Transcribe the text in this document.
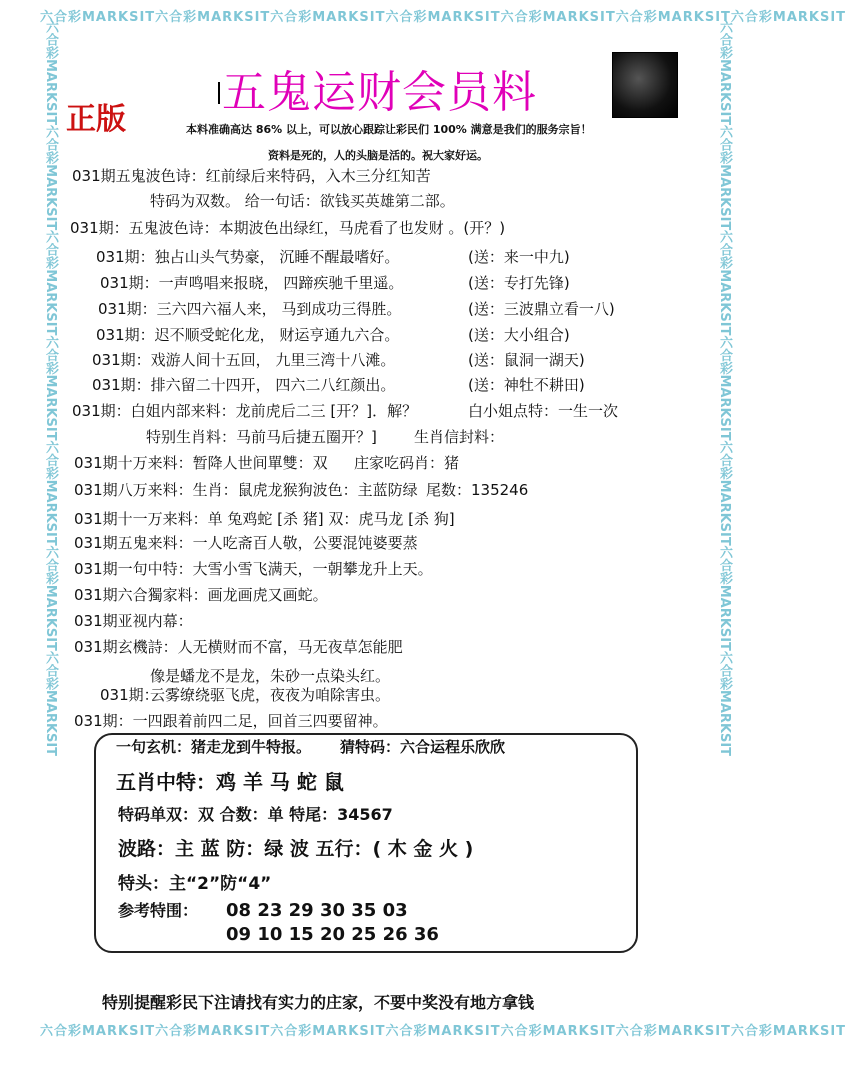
六合彩MARKSIT六合彩MARKSIT六合彩MARKSIT六合彩MARKSIT六合彩MARKSIT六合彩MARKSIT六合彩MARKSIT
六合彩MARKSIT六合彩MARKSIT六合彩MARKSIT六合彩MARKSIT六合彩MARKSIT六合彩MARKSIT六合彩MARKSIT
六合彩MARKSIT六合彩MARKSIT六合彩MARKSIT六合彩MARKSIT六合彩MARKSIT六合彩MARKSIT六合彩MARKSIT	六合彩MARKSIT六合彩MARKSIT六合彩MARKSIT六合彩MARKSIT六合彩MARKSIT六合彩MARKSIT六合彩MARKSIT
五鬼运财会员料
正版	本料准确高达 86% 以上，可以放心跟踪让彩民们 100% 满意是我们的服务宗旨！
资料是死的，人的头脑是活的。祝大家好运。
031期五鬼波色诗：红前绿后来特码，入木三分红知苦
特码为双数。 给一句话：欲钱买英雄第二部。
031期：五鬼波色诗：本期波色出绿红，马虎看了也发财 。(开？)
031期：独占山头气势豪， 沉睡不醒最嗜好。	(送：来一中九)
031期：一声鸣唱来报晓， 四蹄疾驰千里遥。	(送：专打先锋)
031期：三六四六福人来， 马到成功三得胜。	(送：三波鼎立看一八)
031期：迟不顺受蛇化龙， 财运亨通九六合。	(送：大小组合)
031期：戏游人间十五回， 九里三湾十八滩。	(送：鼠洞一湖天)
031期：排六留二十四开， 四六二八红颜出。	(送：神牡不耕田)
031期：白姐内部来料：龙前虎后二三 [开？]．解？	白小姐点特：一生一次
特别生肖料：马前马后捷五圈开？] 生肖信封料：
031期十万来料：暂降人世间單雙：双 庄家吃码肖：猪
031期八万来料：生肖：鼠虎龙猴狗波色：主蓝防绿 尾数：135246
031期十一万来料：单 兔鸡蛇 [杀 猪] 双：虎马龙 [杀 狗]
031期五鬼来料：一人吃斋百人敬，公要混饨婆要蒸
031期一句中特：大雪小雪飞满天，一朝攀龙升上天。
031期六合獨家料：画龙画虎又画蛇。
031期亚视内幕：
031期玄機詩：人无横财而不富，马无夜草怎能肥
像是蟠龙不是龙，朱砂一点染头红。
031期：
云雾缭绕驱飞虎，夜夜为咱除害虫。
031期：一四跟着前四二足，回首三四要留神。
一句玄机：猪走龙到牛特报。 猜特码：六合运程乐欣欣
五肖中特：鸡 羊 马 蛇 鼠
特码单双：双 合数：单 特尾：34567
波路：主 蓝 防：绿 波 五行：( 木 金 火 )
特头：主“2”防“4”
参考特围： 08 23 29 30 35 03
09 10 15 20 25 26 36
特别提醒彩民下注请找有实力的庄家，不要中奖没有地方拿钱
